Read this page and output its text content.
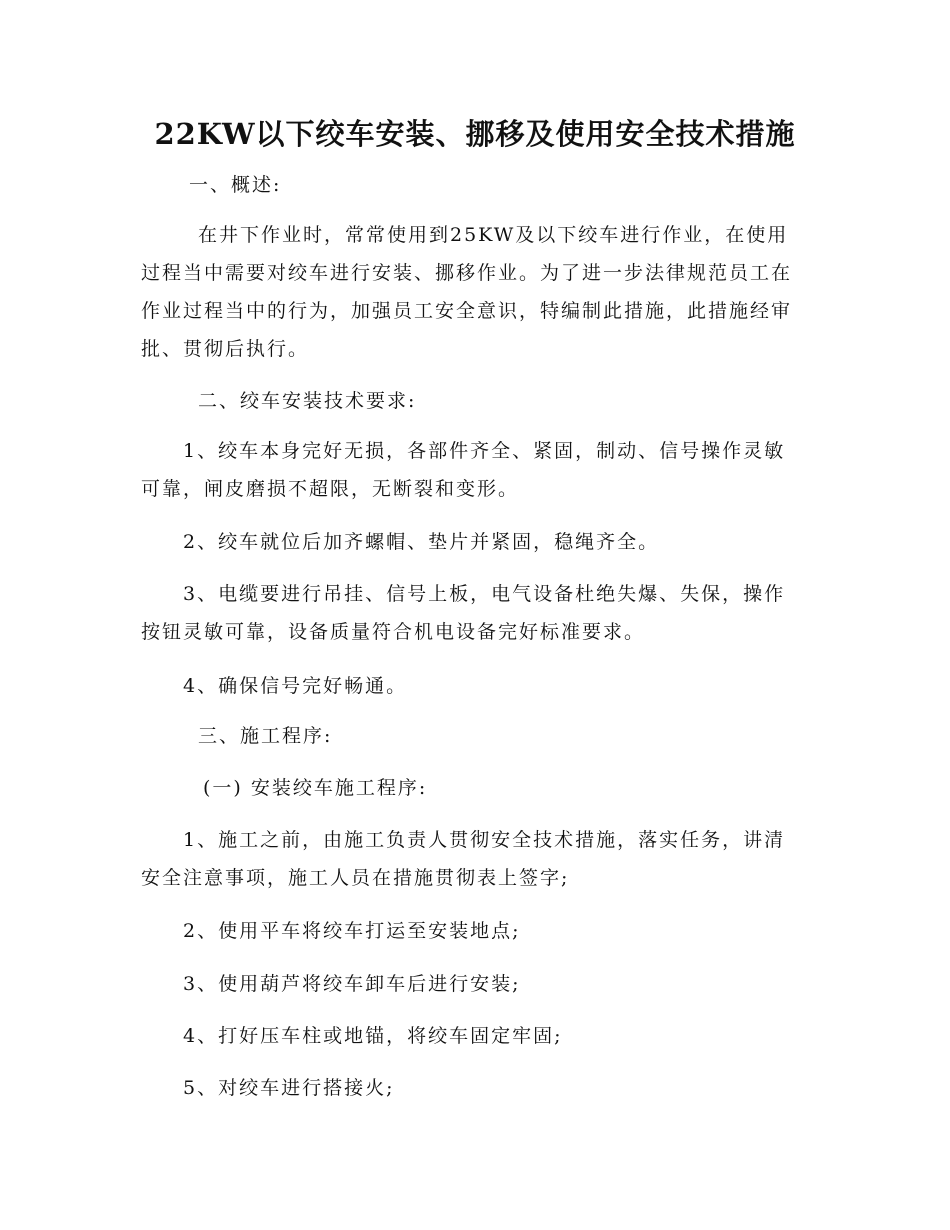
22KW以下绞车安装、挪移及使用安全技术措施

一、概述:

在井下作业时，常常使用到25KW及以下绞车进行作业，在使用过程当中需要对绞车进行安装、挪移作业。为了进一步法律规范员工在作业过程当中的行为，加强员工安全意识，特编制此措施，此措施经审批、贯彻后执行。

二、绞车安装技术要求:

1、绞车本身完好无损，各部件齐全、紧固，制动、信号操作灵敏可靠，闸皮磨损不超限，无断裂和变形。

2、绞车就位后加齐螺帽、垫片并紧固，稳绳齐全。

3、电缆要进行吊挂、信号上板，电气设备杜绝失爆、失保，操作按钮灵敏可靠，设备质量符合机电设备完好标准要求。

4、确保信号完好畅通。

三、施工程序:

(一) 安装绞车施工程序:

1、施工之前，由施工负责人贯彻安全技术措施，落实任务，讲清安全注意事项，施工人员在措施贯彻表上签字;

2、使用平车将绞车打运至安装地点;

3、使用葫芦将绞车卸车后进行安装;

4、打好压车柱或地锚，将绞车固定牢固;

5、对绞车进行搭接火;
